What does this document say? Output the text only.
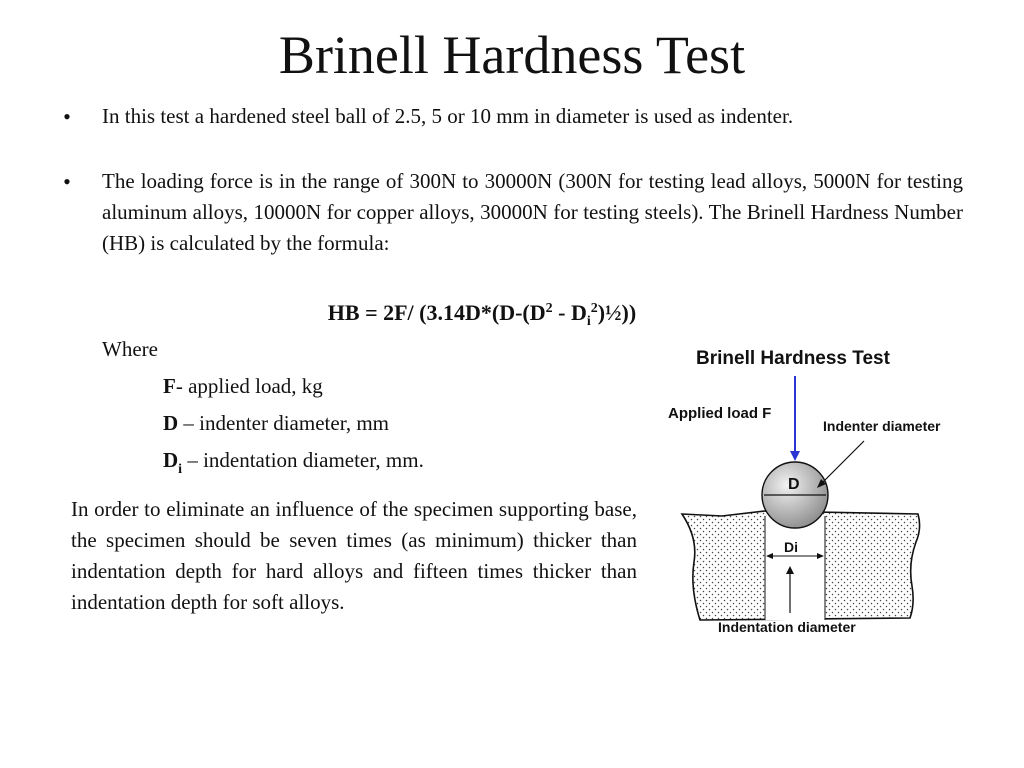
Brinell Hardness Test
• In this test a hardened steel ball of 2.5, 5 or 10 mm in diameter is used as indenter.

• The loading force is in the range of 300N to 30000N (300N for testing lead alloys, 5000N for testing aluminum alloys, 10000N for copper alloys, 30000N for testing steels). The Brinell Hardness Number (HB) is calculated by the formula:

HB = 2F/ ($3.14D*(D-(D^2$ - $D_i^2)\frac{1}{2}$))
Where
F- applied load, kg
D – indenter diameter, mm
$D_i$ – indentation diameter, mm.

In order to eliminate an influence of the specimen supporting base, the specimen should be seven times (as minimum) thicker than indentation depth for hard alloys and fifteen times thicker than indentation depth for soft alloys.

Brinell Hardness Test
D
Di
Applied load F
Indenter diameter
Indentation diameter
